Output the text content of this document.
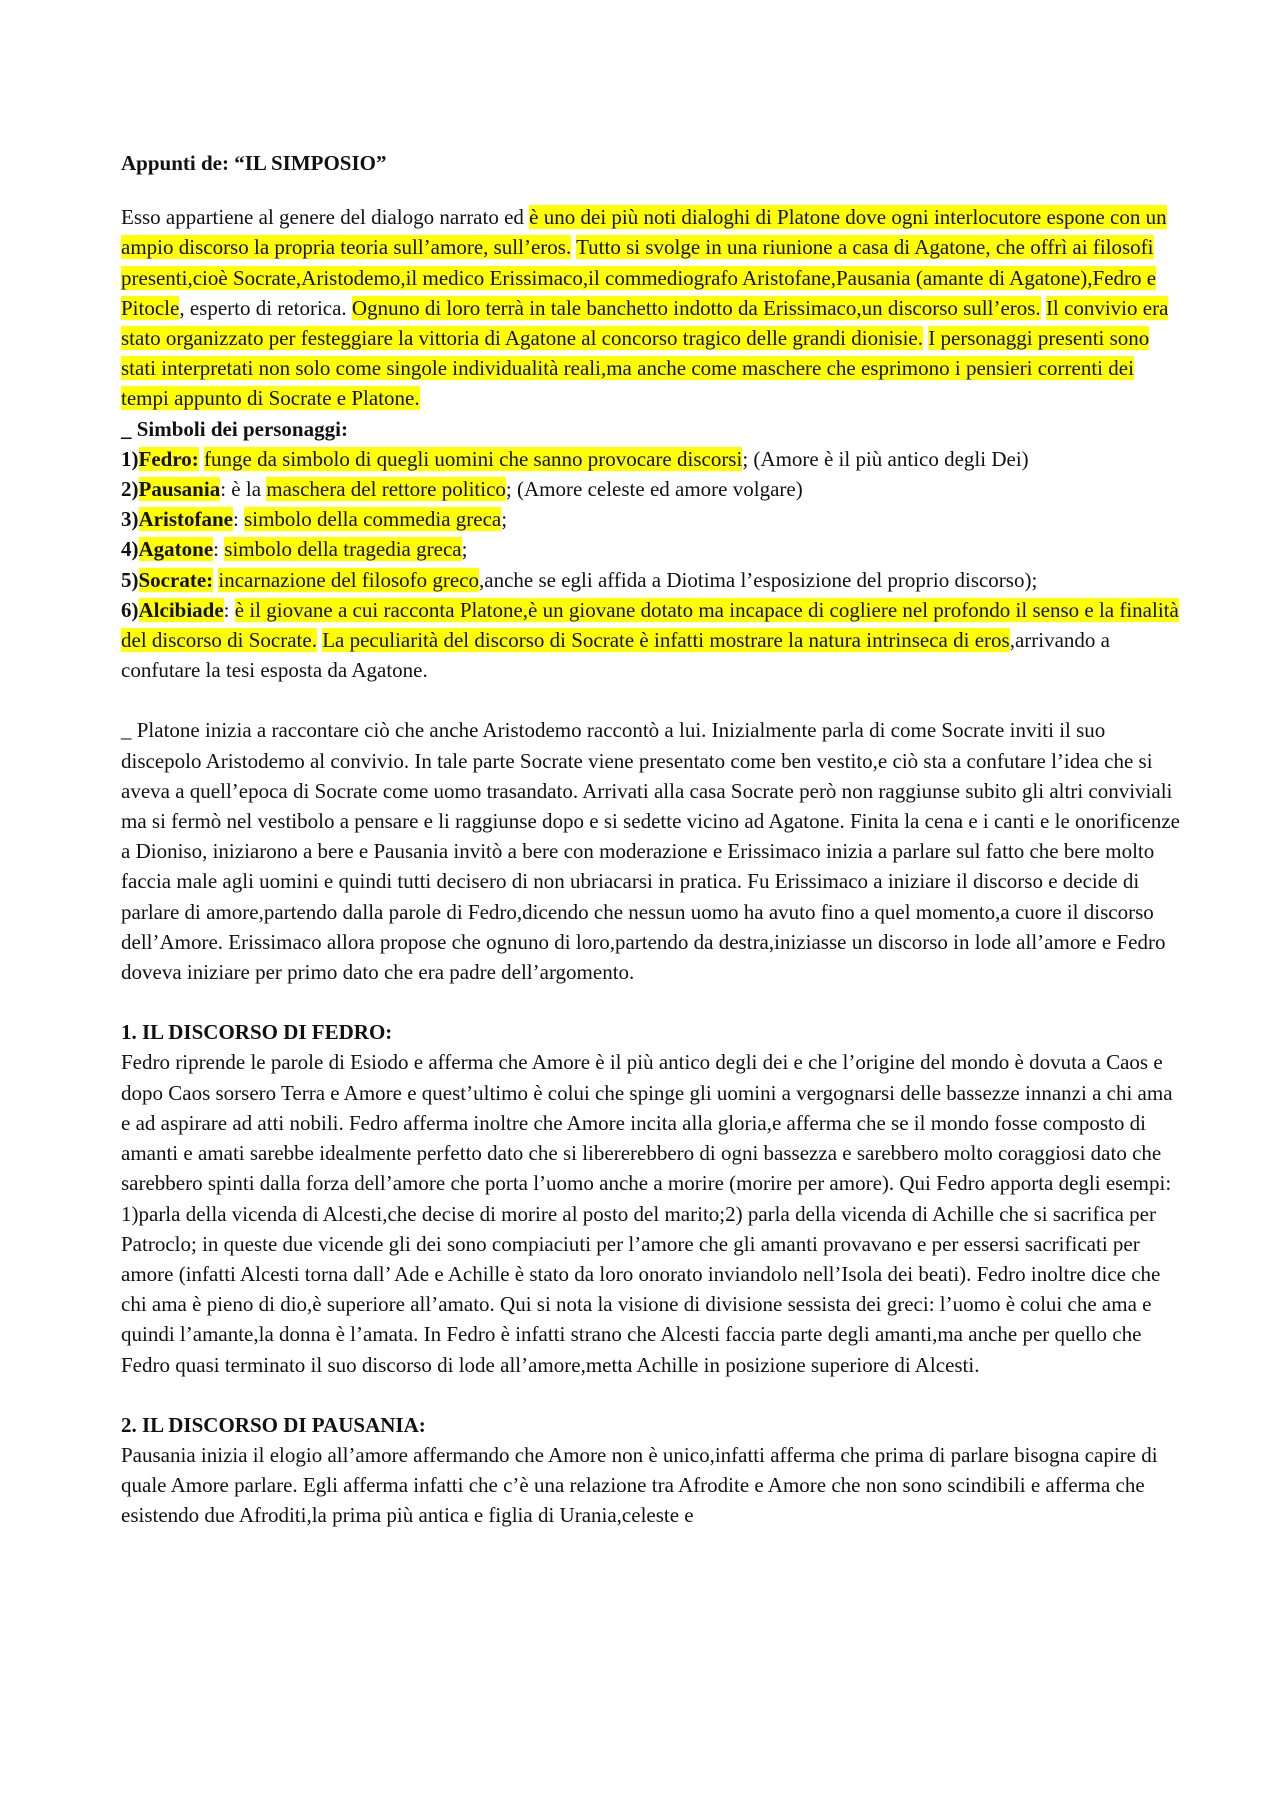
Appunti de: “IL SIMPOSIO”

Esso appartiene al genere del dialogo narrato ed è uno dei più noti dialoghi di Platone dove ogni interlocutore espone con un ampio discorso la propria teoria sull’amore, sull’eros. Tutto si svolge in una riunione a casa di Agatone, che offrì ai filosofi presenti,cioè Socrate,Aristodemo,il medico Erissimaco,il commediografo Aristofane,Pausania (amante di Agatone),Fedro e Pitocle, esperto di retorica. Ognuno di loro terrà in tale banchetto indotto da Erissimaco,un discorso sull’eros. Il convivio era stato organizzato per festeggiare la vittoria di Agatone al concorso tragico delle grandi dionisie. I personaggi presenti sono stati interpretati non solo come singole individualità reali,ma anche come maschere che esprimono i pensieri correnti dei tempi appunto di Socrate e Platone.

_ Simboli dei personaggi:

1)Fedro: funge da simbolo di quegli uomini che sanno provocare discorsi; (Amore è il più antico degli Dei)

2)Pausania: è la maschera del rettore politico; (Amore celeste ed amore volgare)

3)Aristofane: simbolo della commedia greca;

4)Agatone: simbolo della tragedia greca;

5)Socrate: incarnazione del filosofo greco,anche se egli affida a Diotima l’esposizione del proprio discorso);

6)Alcibiade: è il giovane a cui racconta Platone,è un giovane dotato ma incapace di cogliere nel profondo il senso e la finalità del discorso di Socrate. La peculiarità del discorso di Socrate è infatti mostrare la natura intrinseca di eros,arrivando a confutare la tesi esposta da Agatone.

_ Platone inizia a raccontare ciò che anche Aristodemo raccontò a lui. Inizialmente parla di come Socrate inviti il suo discepolo Aristodemo al convivio. In tale parte Socrate viene presentato come ben vestito,e ciò sta a confutare l’idea che si aveva a quell’epoca di Socrate come uomo trasandato. Arrivati alla casa Socrate però non raggiunse subito gli altri conviviali ma si fermò nel vestibolo a pensare e li raggiunse dopo e si sedette vicino ad Agatone. Finita la cena e i canti e le onorificenze a Dioniso, iniziarono a bere e Pausania invitò a bere con moderazione e Erissimaco inizia a parlare sul fatto che bere molto faccia male agli uomini e quindi tutti decisero di non ubriacarsi in pratica. Fu Erissimaco a iniziare il discorso e decide di parlare di amore,partendo dalla parole di Fedro,dicendo che nessun uomo ha avuto fino a quel momento,a cuore il discorso dell’Amore. Erissimaco allora propose che ognuno di loro,partendo da destra,iniziasse un discorso in lode all’amore e Fedro doveva iniziare per primo dato che era padre dell’argomento.

1. IL DISCORSO DI FEDRO:

Fedro riprende le parole di Esiodo e afferma che Amore è il più antico degli dei e che l’origine del mondo è dovuta a Caos e dopo Caos sorsero Terra e Amore e quest’ultimo è colui che spinge gli uomini a vergognarsi delle bassezze innanzi a chi ama e ad aspirare ad atti nobili. Fedro afferma inoltre che Amore incita alla gloria,e afferma che se il mondo fosse composto di amanti e amati sarebbe idealmente perfetto dato che si libererebbero di ogni bassezza e sarebbero molto coraggiosi dato che sarebbero spinti dalla forza dell’amore che porta l’uomo anche a morire (morire per amore). Qui Fedro apporta degli esempi: 1)parla della vicenda di Alcesti,che decise di morire al posto del marito;2) parla della vicenda di Achille che si sacrifica per Patroclo; in queste due vicende gli dei sono compiaciuti per l’amore che gli amanti provavano e per essersi sacrificati per amore (infatti Alcesti torna dall’ Ade e Achille è stato da loro onorato inviandolo nell’Isola dei beati). Fedro inoltre dice che chi ama è pieno di dio,è superiore all’amato. Qui si nota la visione di divisione sessista dei greci: l’uomo è colui che ama e quindi l’amante,la donna è l’amata. In Fedro è infatti strano che Alcesti faccia parte degli amanti,ma anche per quello che Fedro quasi terminato il suo discorso di lode all’amore,metta Achille in posizione superiore di Alcesti.

2. IL DISCORSO DI PAUSANIA:

Pausania inizia il elogio all’amore affermando che Amore non è unico,infatti afferma che prima di parlare bisogna capire di quale Amore parlare. Egli afferma infatti che c’è una relazione tra Afrodite e Amore che non sono scindibili e afferma che esistendo due Afroditi,la prima più antica e figlia di Urania,celeste e
